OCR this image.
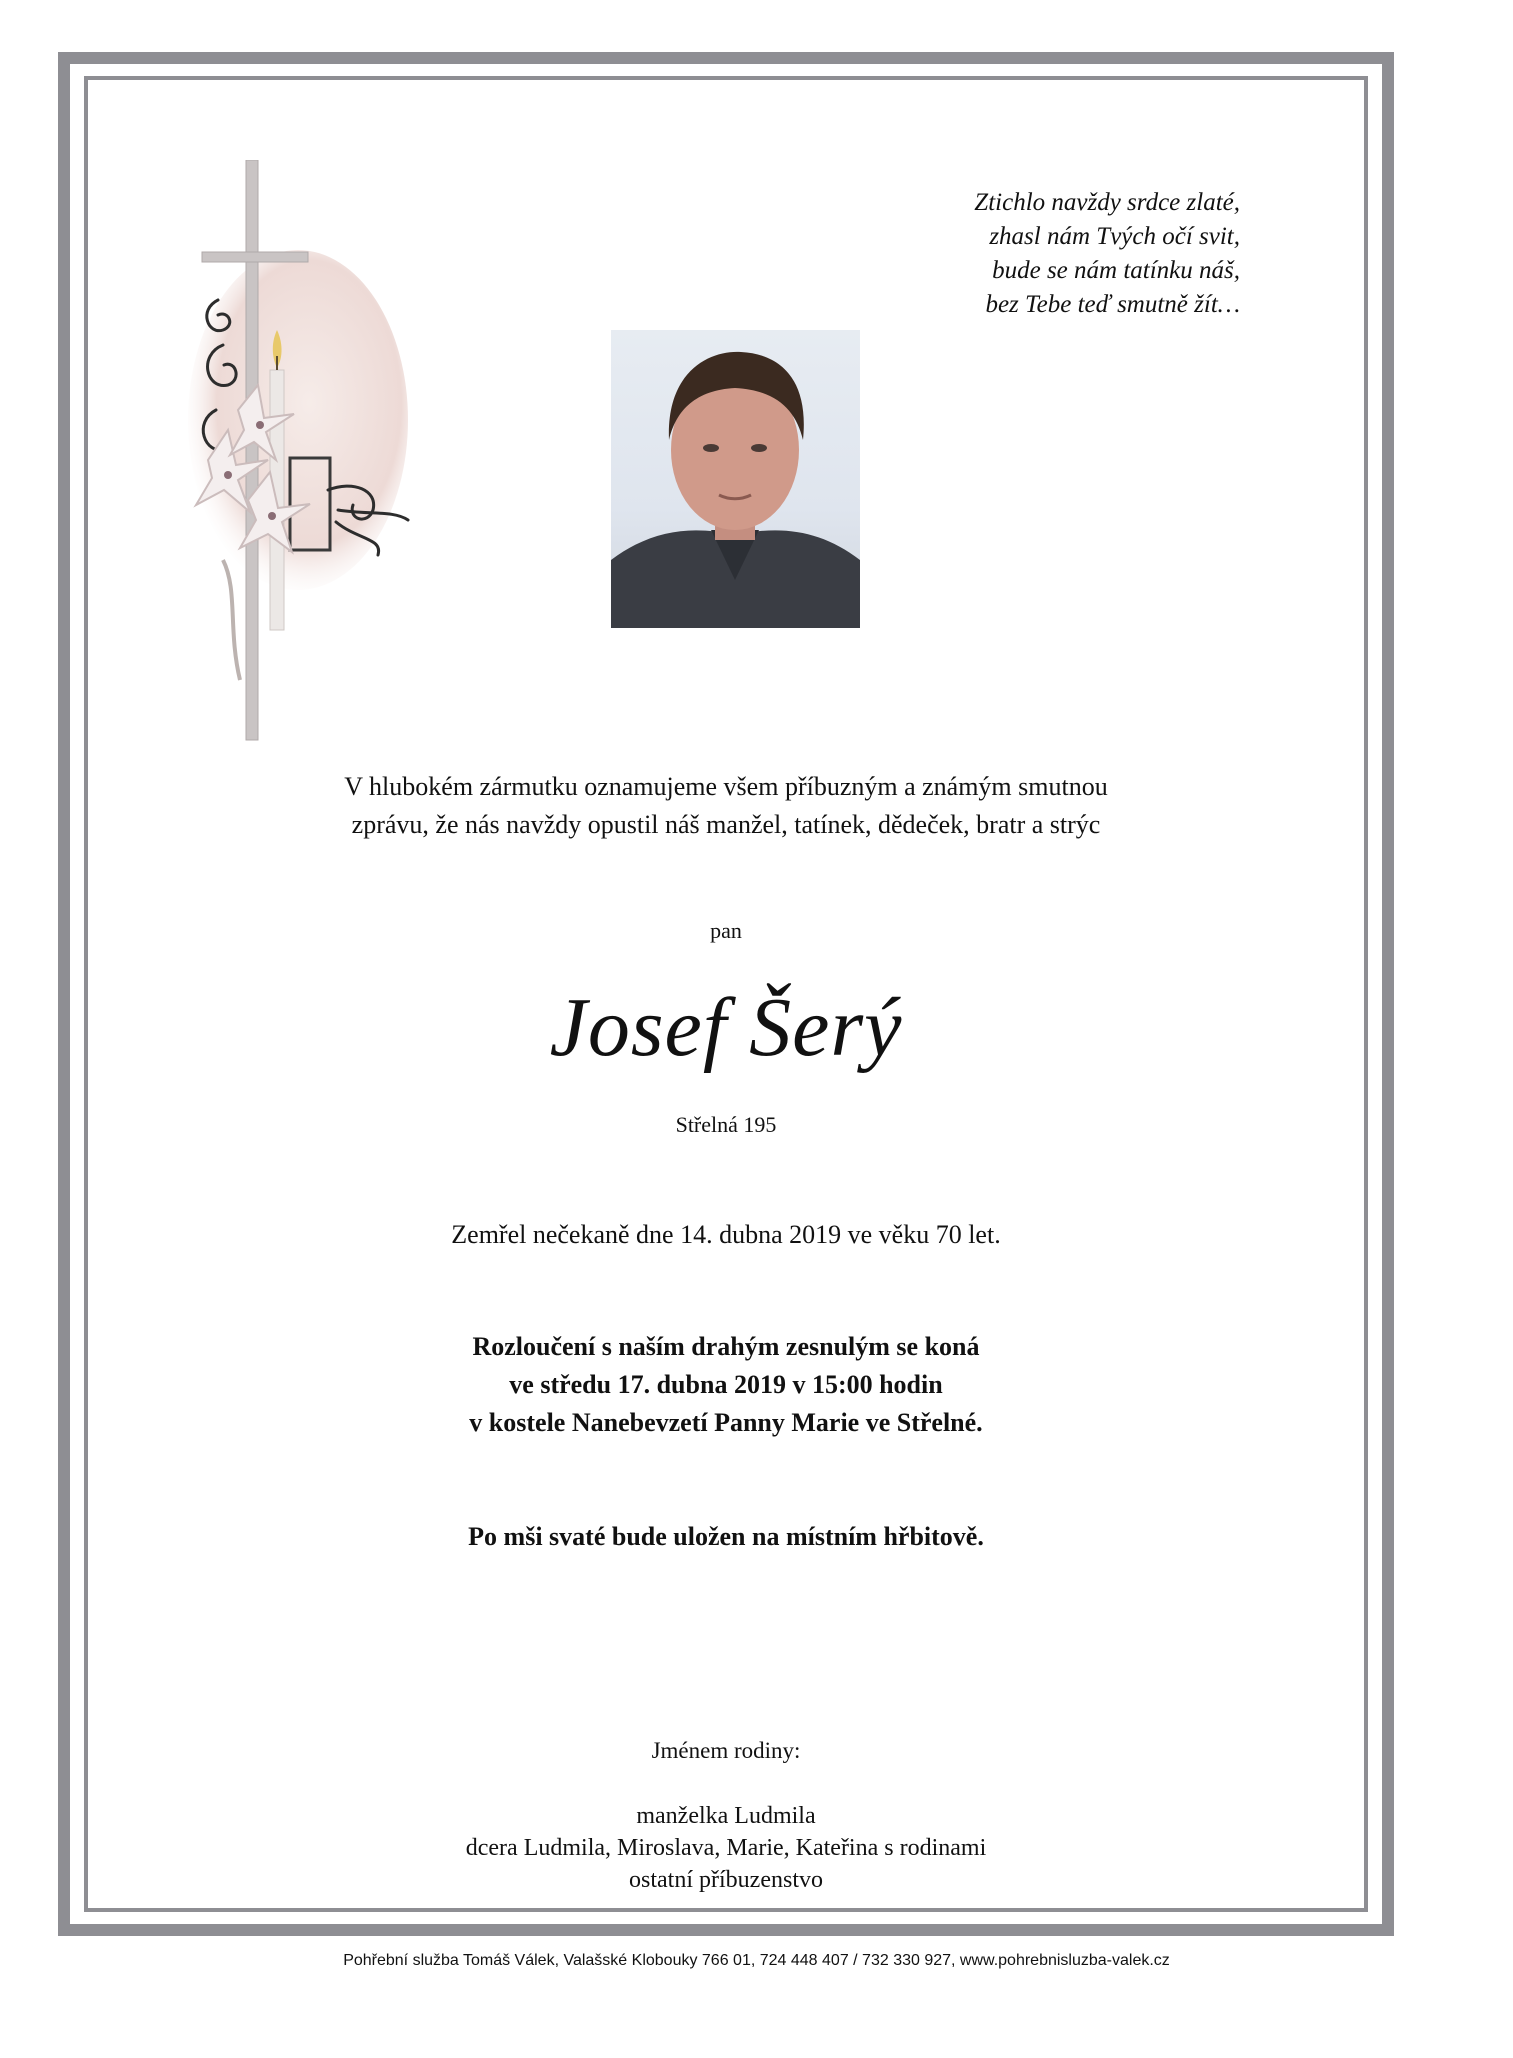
Ztichlo navždy srdce zlaté,
zhasl nám Tvých očí svit,
bude se nám tatínku náš,
bez Tebe teď smutně žít…
V hlubokém zármutku oznamujeme všem příbuzným a známým smutnou
zprávu, že nás navždy opustil náš manžel, tatínek, dědeček, bratr a strýc
pan
Josef Šerý
Střelná 195
Zemřel nečekaně dne 14. dubna 2019 ve věku 70 let.
Rozloučení s naším drahým zesnulým se koná
ve středu 17. dubna 2019 v 15:00 hodin
v kostele Nanebevzetí Panny Marie ve Střelné.
Po mši svaté bude uložen na místním hřbitově.
Jménem rodiny:
manželka Ludmila
dcera Ludmila, Miroslava, Marie, Kateřina s rodinami
ostatní příbuzenstvo
Pohřební služba Tomáš Válek, Valašské Klobouky 766 01, 724 448 407 / 732 330 927, www.pohrebnisluzba-valek.cz
